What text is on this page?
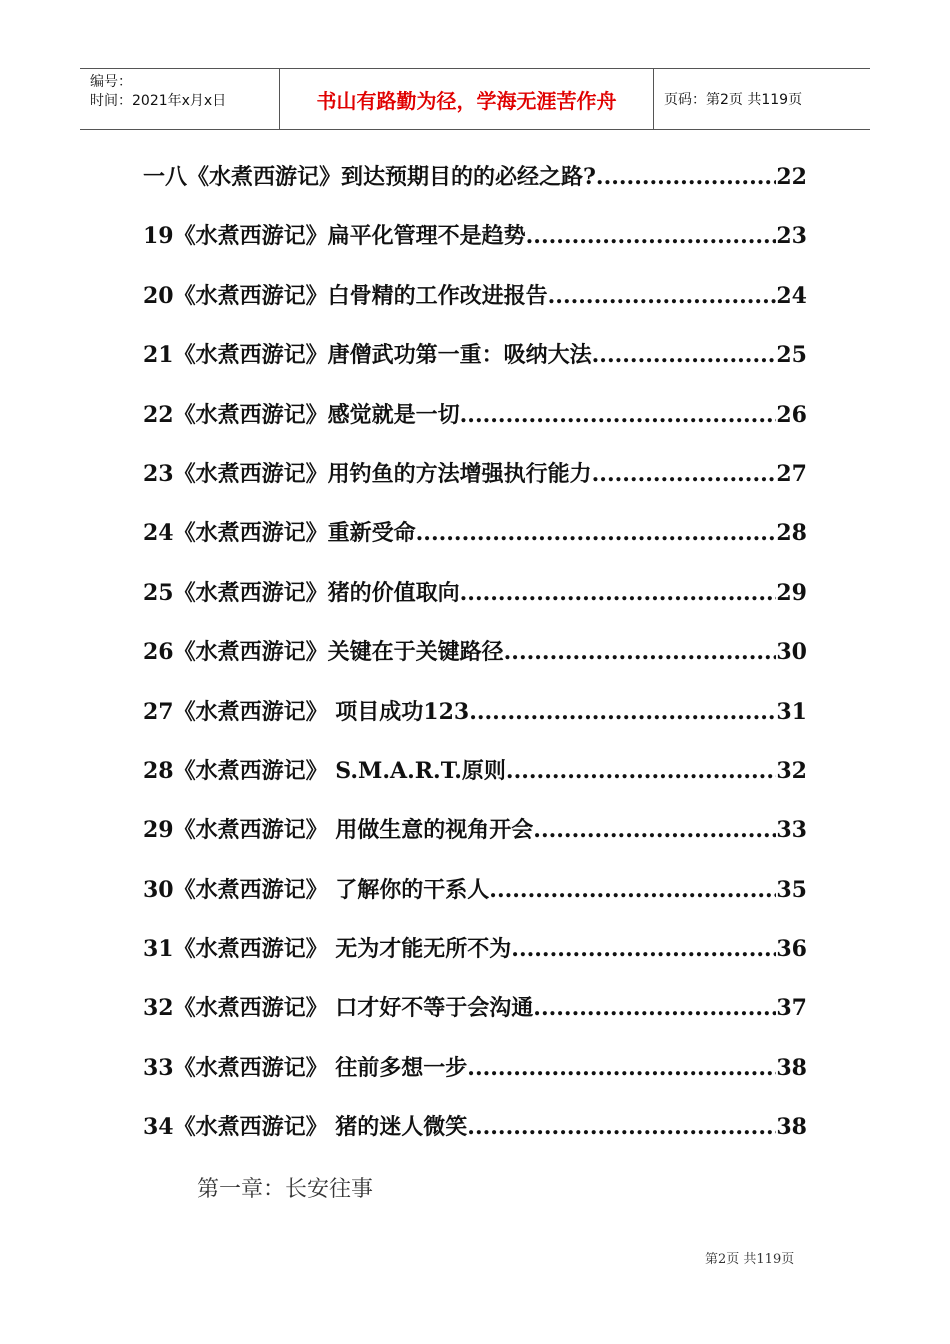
编号：
时间：2021年x月x日	书山有路勤为径，学海无涯苦作舟	页码：第2页 共119页
一八《水煮西游记》到达预期目的的必经之路? .....	22
19《水煮西游记》扁平化管理不是趋势 .....	23
20《水煮西游记》白骨精的工作改进报告 .....	24
21《水煮西游记》唐僧武功第一重：吸纳大法 .....	25
22《水煮西游记》感觉就是一切 .....	26
23《水煮西游记》用钓鱼的方法增强执行能力 .....	27
24《水煮西游记》重新受命 .....	28
25《水煮西游记》猪的价值取向 .....	29
26《水煮西游记》关键在于关键路径 .....	30
27《水煮西游记》 项目成功123 .....	31
28《水煮西游记》 S.M.A.R.T.原则 .....	32
29《水煮西游记》 用做生意的视角开会 .....	33
30《水煮西游记》 了解你的干系人 .....	35
31《水煮西游记》 无为才能无所不为 .....	36
32《水煮西游记》 口才好不等于会沟通 .....	37
33《水煮西游记》 往前多想一步 .....	38
34《水煮西游记》 猪的迷人微笑 .....	38
第一章：长安往事
第2页 共119页
